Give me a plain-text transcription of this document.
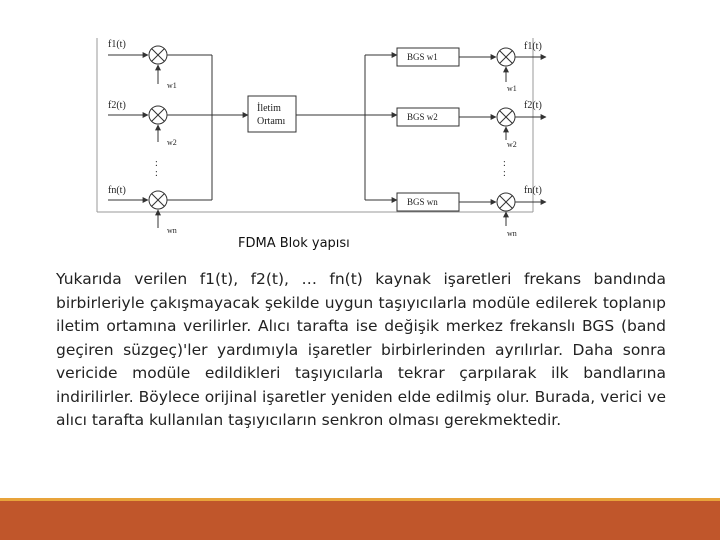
f1(t)
f2(t)
fn(t)
w1
w2
wn
:
:
İletim
Ortamı
BGS w1
BGS w2
BGS wn
w1
w2
wn
:
:
f1(t)
f2(t)
fn(t)
FDMA Blok yapısı

Yukarıda verilen f1(t), f2(t), … fn(t) kaynak işaretleri frekans bandında birbirleriyle çakışmayacak şekilde uygun taşıyıcılarla modüle edilerek toplanıp iletim ortamına verilirler. Alıcı tarafta ise değişik merkez frekanslı BGS (band geçiren süzgeç)'ler yardımıyla işaretler birbirlerinden ayrılırlar. Daha sonra vericide modüle edildikleri taşıyıcılarla tekrar çarpılarak ilk bandlarına indirilirler. Böylece orijinal işaretler yeniden elde edilmiş olur. Burada, verici ve alıcı tarafta kullanılan taşıyıcıların senkron olması gerekmektedir.
